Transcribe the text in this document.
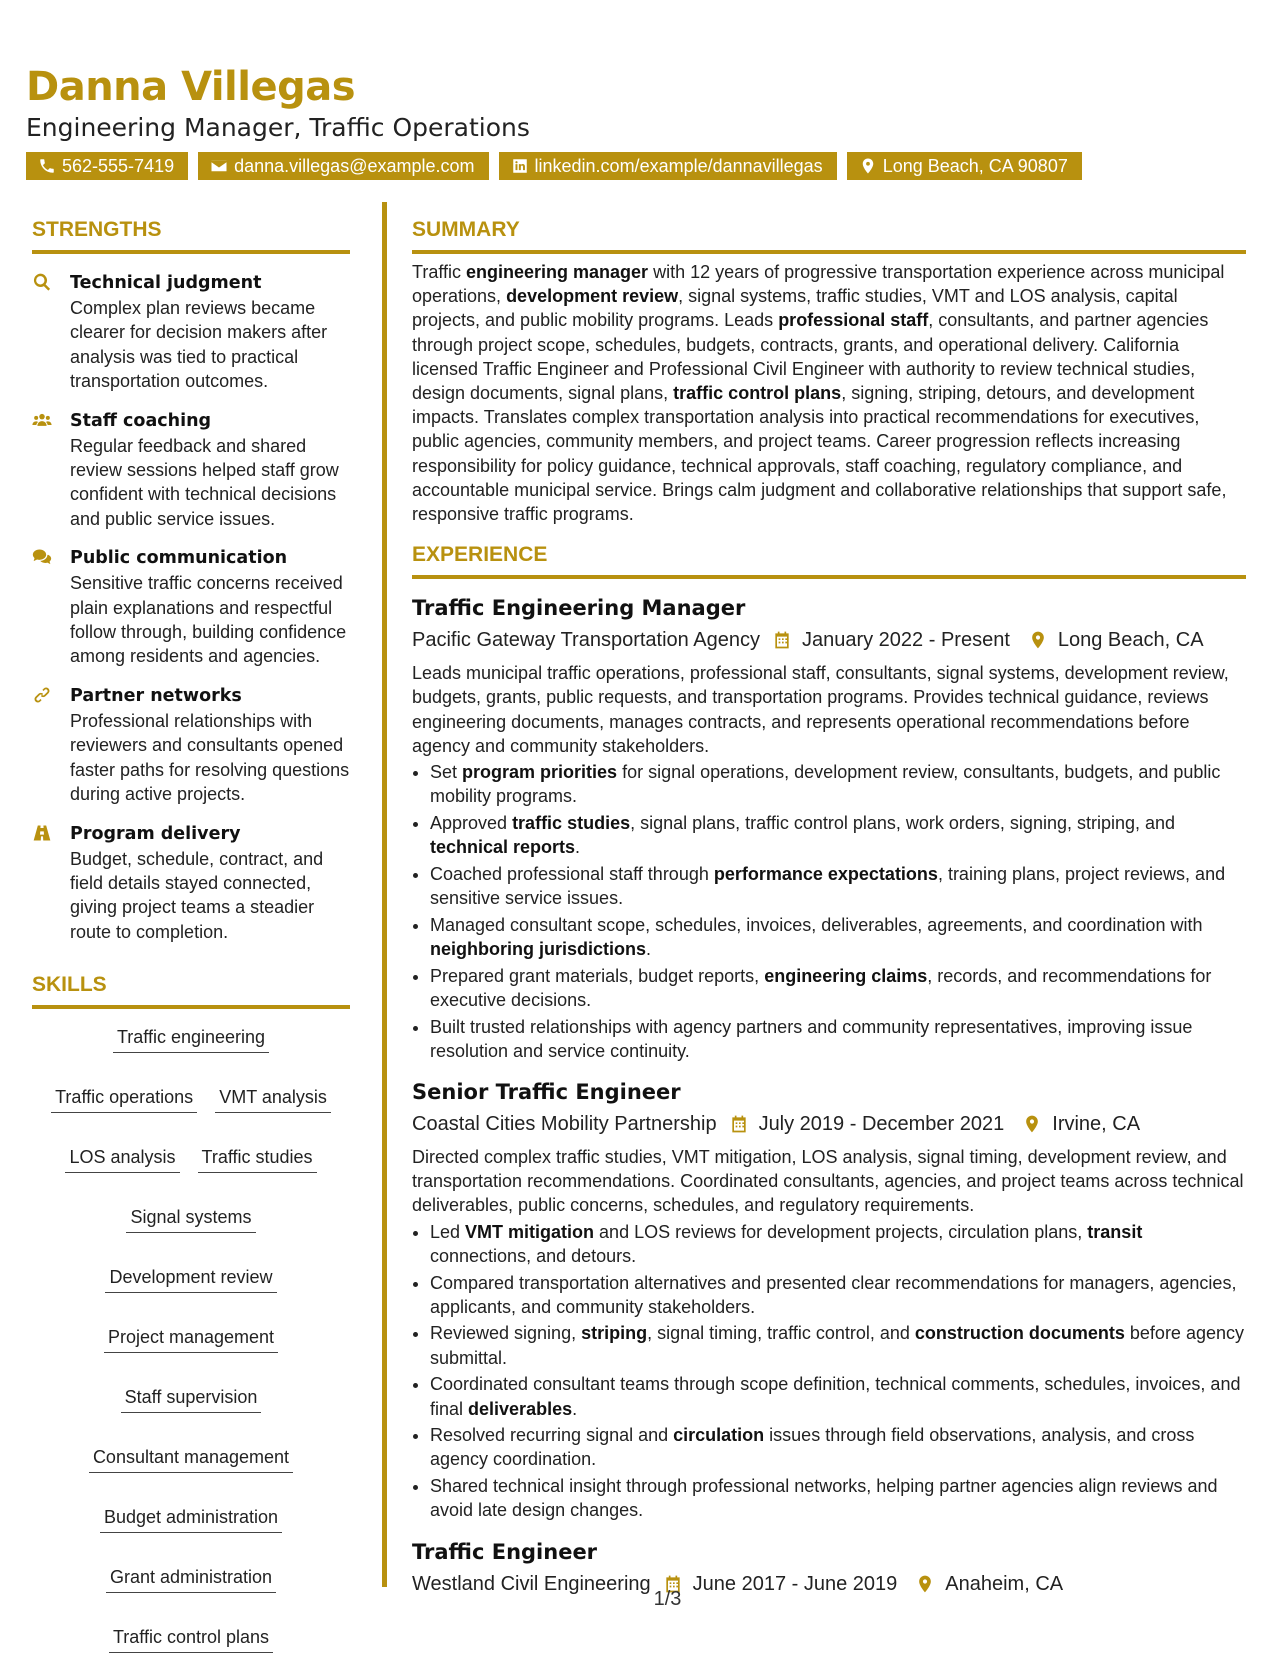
Danna Villegas

Engineering Manager, Traffic Operations

562-555-7419	danna.villegas@example.com	linkedin.com/example/dannavillegas	Long Beach, CA 90807
STRENGTHS
Technical judgment
Complex plan reviews became clearer for decision makers after analysis was tied to practical transportation outcomes.
Staff coaching
Regular feedback and shared review sessions helped staff grow confident with technical decisions and public service issues.
Public communication
Sensitive traffic concerns received plain explanations and respectful follow through, building confidence among residents and agencies.
Partner networks
Professional relationships with reviewers and consultants opened faster paths for resolving questions during active projects.
Program delivery
Budget, schedule, contract, and field details stayed connected, giving project teams a steadier route to completion.
SKILLS
Traffic engineering
Traffic operations VMT analysis
LOS analysis Traffic studies
Signal systems
Development review
Project management
Staff supervision
Consultant management
Budget administration
Grant administration
Traffic control plans
SUMMARY

Traffic engineering manager with 12 years of progressive transportation experience across municipal operations, development review, signal systems, traffic studies, VMT and LOS analysis, capital projects, and public mobility programs. Leads professional staff, consultants, and partner agencies through project scope, schedules, budgets, contracts, grants, and operational delivery. California licensed Traffic Engineer and Professional Civil Engineer with authority to review technical studies, design documents, signal plans, traffic control plans, signing, striping, detours, and development impacts. Translates complex transportation analysis into practical recommendations for executives, public agencies, community members, and project teams. Career progression reflects increasing responsibility for policy guidance, technical approvals, staff coaching, regulatory compliance, and accountable municipal service. Brings calm judgment and collaborative relationships that support safe, responsive traffic programs.

EXPERIENCE
Traffic Engineering Manager
Pacific Gateway Transportation Agency January 2022 - Present Long Beach, CA

Leads municipal traffic operations, professional staff, consultants, signal systems, development review, budgets, grants, public requests, and transportation programs. Provides technical guidance, reviews engineering documents, manages contracts, and represents operational recommendations before agency and community stakeholders.

• Set program priorities for signal operations, development review, consultants, budgets, and public mobility programs.
• Approved traffic studies, signal plans, traffic control plans, work orders, signing, striping, and technical reports.
• Coached professional staff through performance expectations, training plans, project reviews, and sensitive service issues.
• Managed consultant scope, schedules, invoices, deliverables, agreements, and coordination with neighboring jurisdictions.
• Prepared grant materials, budget reports, engineering claims, records, and recommendations for executive decisions.
• Built trusted relationships with agency partners and community representatives, improving issue resolution and service continuity.
Senior Traffic Engineer
Coastal Cities Mobility Partnership July 2019 - December 2021 Irvine, CA

Directed complex traffic studies, VMT mitigation, LOS analysis, signal timing, development review, and transportation recommendations. Coordinated consultants, agencies, and project teams across technical deliverables, public concerns, schedules, and regulatory requirements.

• Led VMT mitigation and LOS reviews for development projects, circulation plans, transit connections, and detours.
• Compared transportation alternatives and presented clear recommendations for managers, agencies, applicants, and community stakeholders.
• Reviewed signing, striping, signal timing, traffic control, and construction documents before agency submittal.
• Coordinated consultant teams through scope definition, technical comments, schedules, invoices, and final deliverables.
• Resolved recurring signal and circulation issues through field observations, analysis, and cross agency coordination.
• Shared technical insight through professional networks, helping partner agencies align reviews and avoid late design changes.
Traffic Engineer
Westland Civil Engineering June 2017 - June 2019 Anaheim, CA
1/3
